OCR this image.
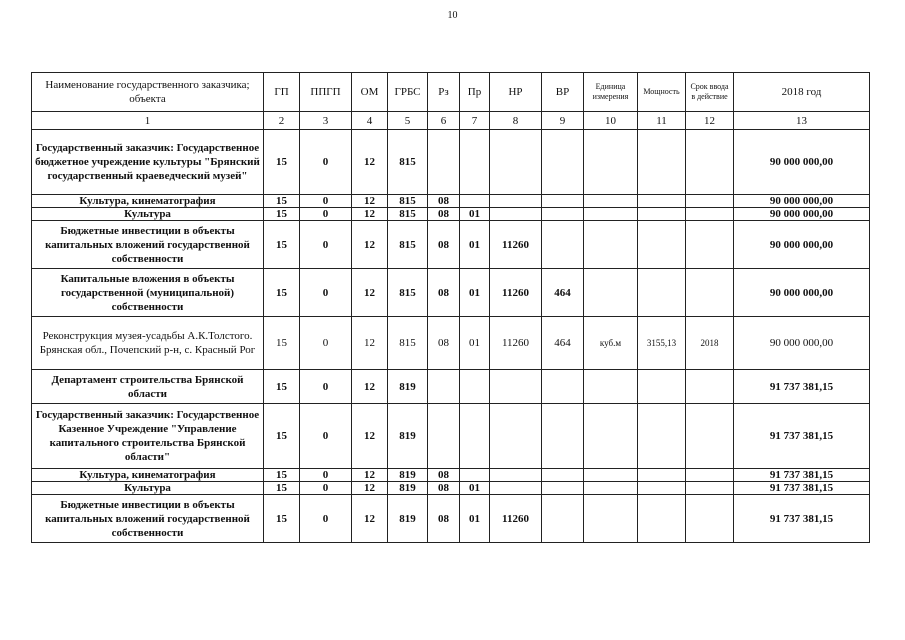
10
Наименование государственного заказчика; объекта	ГП	ППГП	ОМ	ГРБС	Рз	Пр	НР	ВР	Единица измерения	Мощность	Срок ввода в действие	2018 год
1	2	3	4	5	6	7	8	9	10	11	12	13
Государственный заказчик: Государственное бюджетное учреждение культуры "Брянский государственный краеведческий музей"	15	0	12	815								90 000 000,00
Культура, кинематография	15	0	12	815	08							90 000 000,00
Культура	15	0	12	815	08	01						90 000 000,00
Бюджетные инвестиции в объекты капитальных вложений государственной собственности	15	0	12	815	08	01	11260					90 000 000,00
Капитальные вложения в объекты государственной (муниципальной) собственности	15	0	12	815	08	01	11260	464				90 000 000,00
Реконструкция музея-усадьбы А.К.Толстого. Брянская обл., Почепский р-н, с. Красный Рог	15	0	12	815	08	01	11260	464	куб.м	3155,13	2018	90 000 000,00
Департамент строительства Брянской области	15	0	12	819								91 737 381,15
Государственный заказчик: Государственное Казенное Учреждение "Управление капитального строительства Брянской области"	15	0	12	819								91 737 381,15
Культура, кинематография	15	0	12	819	08							91 737 381,15
Культура	15	0	12	819	08	01						91 737 381,15
Бюджетные инвестиции в объекты капитальных вложений государственной собственности	15	0	12	819	08	01	11260					91 737 381,15
